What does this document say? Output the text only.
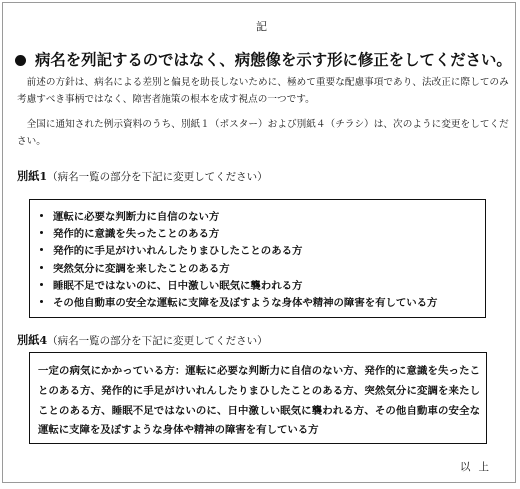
記
病名を列記するのではなく、病態像を示す形に修正をしてください。
前述の方針は、病名による差別と偏見を助長しないために、極めて重要な配慮事項であり、法改正に際してのみ考慮すべき事柄ではなく、障害者施策の根本を成す視点の一つです。
全国に通知された例示資料のうち、別紙１（ポスター）および別紙４（チラシ）は、次のように変更をしてください。
別紙1（病名一覧の部分を下記に変更してください）
運転に必要な判断力に自信のない方
発作的に意識を失ったことのある方
発作的に手足がけいれんしたりまひしたことのある方
突然気分に変調を来したことのある方
睡眠不足ではないのに、日中激しい眠気に襲われる方
その他自動車の安全な運転に支障を及ぼすような身体や精神の障害を有している方
別紙4（病名一覧の部分を下記に変更してください）
一定の病気にかかっている方：運転に必要な判断力に自信のない方、発作的に意識を失ったことのある方、発作的に手足がけいれんしたりまひしたことのある方、突然気分に変調を来たしことのある方、睡眠不足ではないのに、日中激しい眠気に襲われる方、その他自動車の安全な運転に支障を及ぼすような身体や精神の障害を有している方
以上
